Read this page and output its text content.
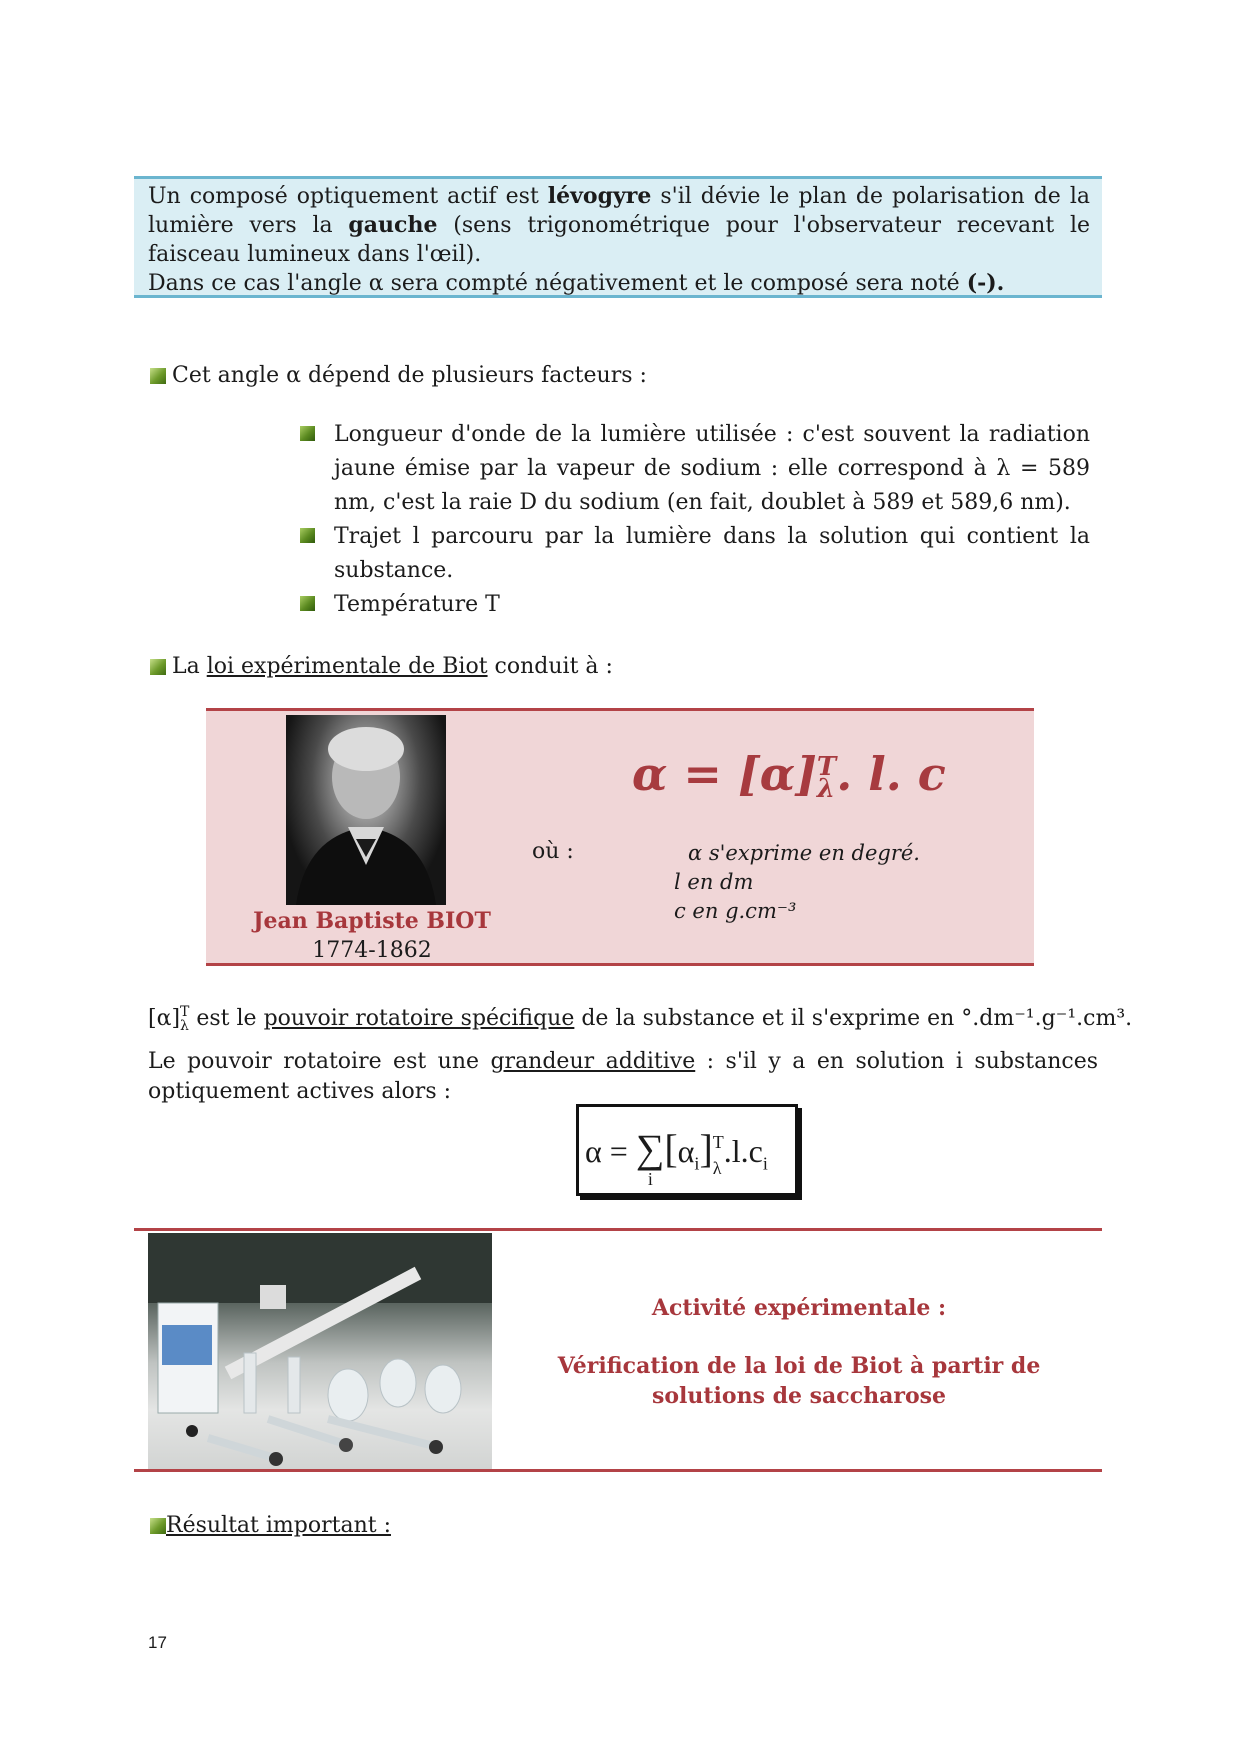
Un composé optiquement actif est lévogyre s'il dévie le plan de polarisation de la lumière vers la gauche (sens trigonométrique pour l'observateur recevant le faisceau lumineux dans l'œil).
Dans ce cas l'angle α sera compté négativement et le composé sera noté (-).
Cet angle α dépend de plusieurs facteurs :
Longueur d'onde de la lumière utilisée : c'est souvent la radiation jaune émise par la vapeur de sodium : elle correspond à λ = 589 nm, c'est la raie D du sodium (en fait, doublet à 589 et 589,6 nm).
Trajet l parcouru par la lumière dans la solution qui contient la substance.
Température T
La loi expérimentale de Biot conduit à :
α = [α] T
λ . l. c
où :	α s'exprime en degré.
l en dm
c en g.cm⁻³
Jean Baptiste BIOT
1774-1862
[α] T
λ est le pouvoir rotatoire spécifique de la substance et il s'exprime en °.dm⁻¹.g⁻¹.cm³.
Le pouvoir rotatoire est une grandeur additive : s'il y a en solution i substances optiquement actives alors :
α = ∑
i
$[\alpha_i]$ T
λ $.l.c_i$
Activité expérimentale :
Vérification de la loi de Biot à partir de solutions de saccharose
Résultat important :
17
